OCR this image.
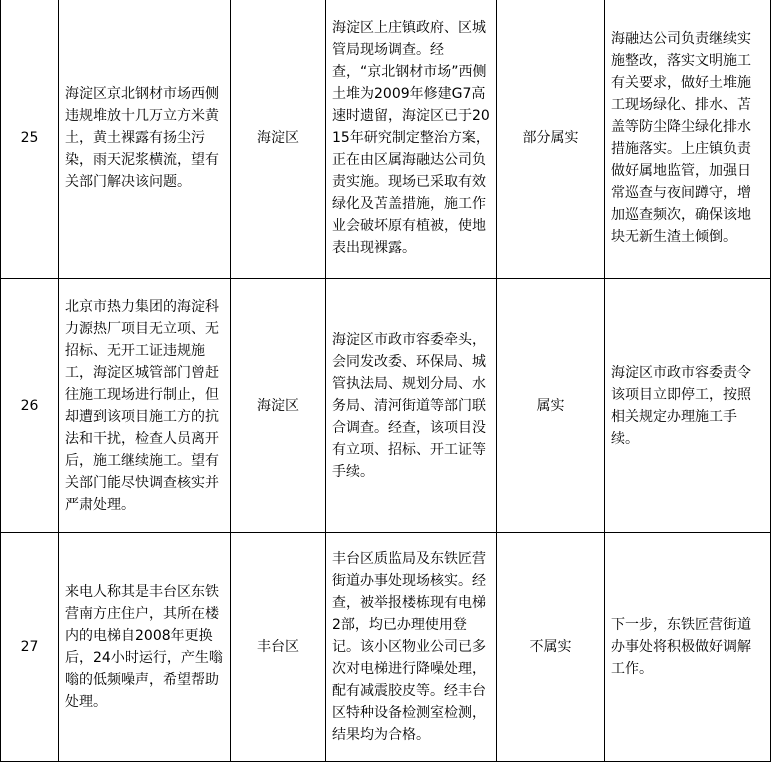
25	海淀区京北钢材市场西侧违规堆放十几万立方米黄土，黄土裸露有扬尘污染，雨天泥浆横流，望有关部门解决该问题。	海淀区	海淀区上庄镇政府、区城管局现场调查。经查，“京北钢材市场”西侧土堆为2009年修建G7高速时遗留，海淀区已于2015年研究制定整治方案，正在由区属海融达公司负责实施。现场已采取有效绿化及苫盖措施，施工作业会破坏原有植被，使地表出现裸露。	部分属实	海融达公司负责继续实施整改，落实文明施工有关要求，做好土堆施工现场绿化、排水、苫盖等防尘降尘绿化排水措施落实。上庄镇负责做好属地监管，加强日常巡查与夜间蹲守，增加巡查频次，确保该地块无新生渣土倾倒。
26	北京市热力集团的海淀科力源热厂项目无立项、无招标、无开工证违规施工，海淀区城管部门曾赶往施工现场进行制止，但却遭到该项目施工方的抗法和干扰，检查人员离开后，施工继续施工。望有关部门能尽快调查核实并严肃处理。	海淀区	海淀区市政市容委牵头，会同发改委、环保局、城管执法局、规划分局、水务局、清河街道等部门联合调查。经查，该项目没有立项、招标、开工证等手续。	属实	海淀区市政市容委责令该项目立即停工，按照相关规定办理施工手续。
27	来电人称其是丰台区东铁营南方庄住户，其所在楼内的电梯自2008年更换后，24小时运行，产生嗡嗡的低频噪声，希望帮助处理。	丰台区	丰台区质监局及东铁匠营街道办事处现场核实。经查，被举报楼栋现有电梯2部，均已办理使用登记。该小区物业公司已多次对电梯进行降噪处理，配有减震胶皮等。经丰台区特种设备检测室检测，结果均为合格。	不属实	下一步，东铁匠营街道办事处将积极做好调解工作。
